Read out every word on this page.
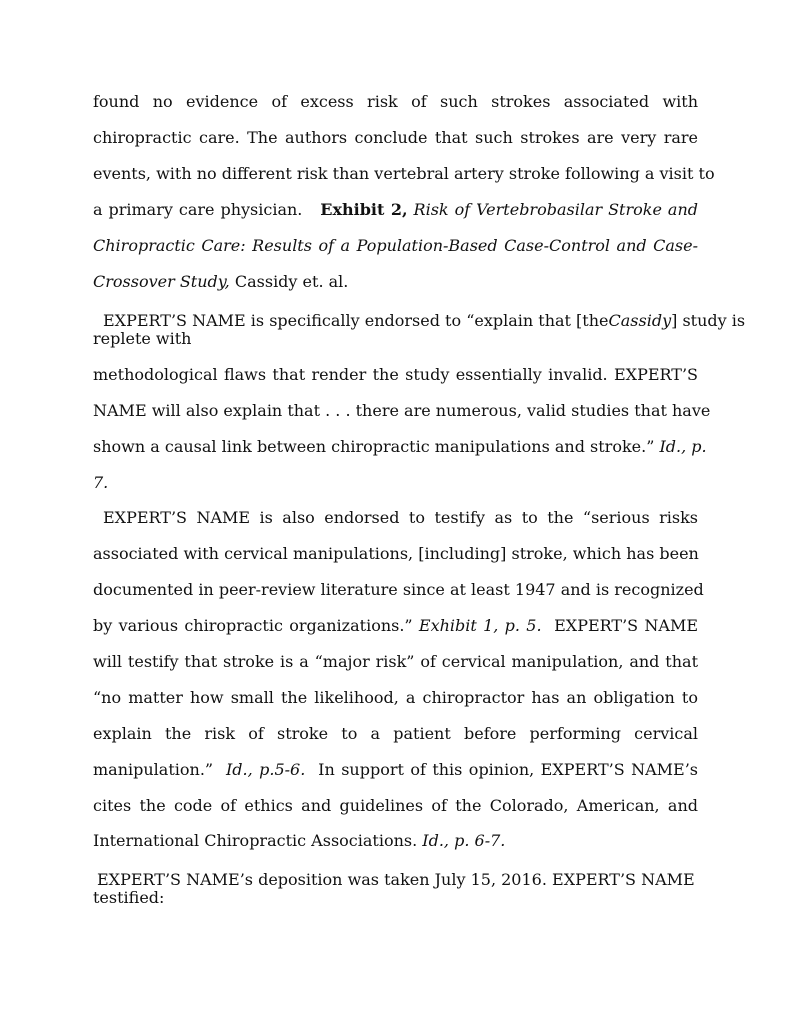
found no evidence of excess risk of such strokes associated with
chiropractic care. The authors conclude that such strokes are very rare
events, with no different risk than vertebral artery stroke following a visit to
a primary care physician. Exhibit 2, Risk of Vertebrobasilar Stroke and
Chiropractic Care: Results of a Population-Based Case-Control and Case-
Crossover Study, Cassidy et. al.
EXPERT’S NAME is specifically endorsed to “explain that [theCassidy] study is
replete with
methodological flaws that render the study essentially invalid. EXPERT’S
NAME will also explain that . . . there are numerous, valid studies that have
shown a causal link between chiropractic manipulations and stroke.” Id., p.
7.
EXPERT’S NAME is also endorsed to testify as to the “serious risks
associated with cervical manipulations, [including] stroke, which has been
documented in peer-review literature since at least 1947 and is recognized
by various chiropractic organizations.” Exhibit 1, p. 5. EXPERT’S NAME
will testify that stroke is a “major risk” of cervical manipulation, and that
“no matter how small the likelihood, a chiropractor has an obligation to
explain the risk of stroke to a patient before performing cervical
manipulation.” Id., p.5-6. In support of this opinion, EXPERT’S NAME’s
cites the code of ethics and guidelines of the Colorado, American, and
International Chiropractic Associations. Id., p. 6-7.
EXPERT’S NAME’s deposition was taken July 15, 2016. EXPERT’S NAME
testified:
